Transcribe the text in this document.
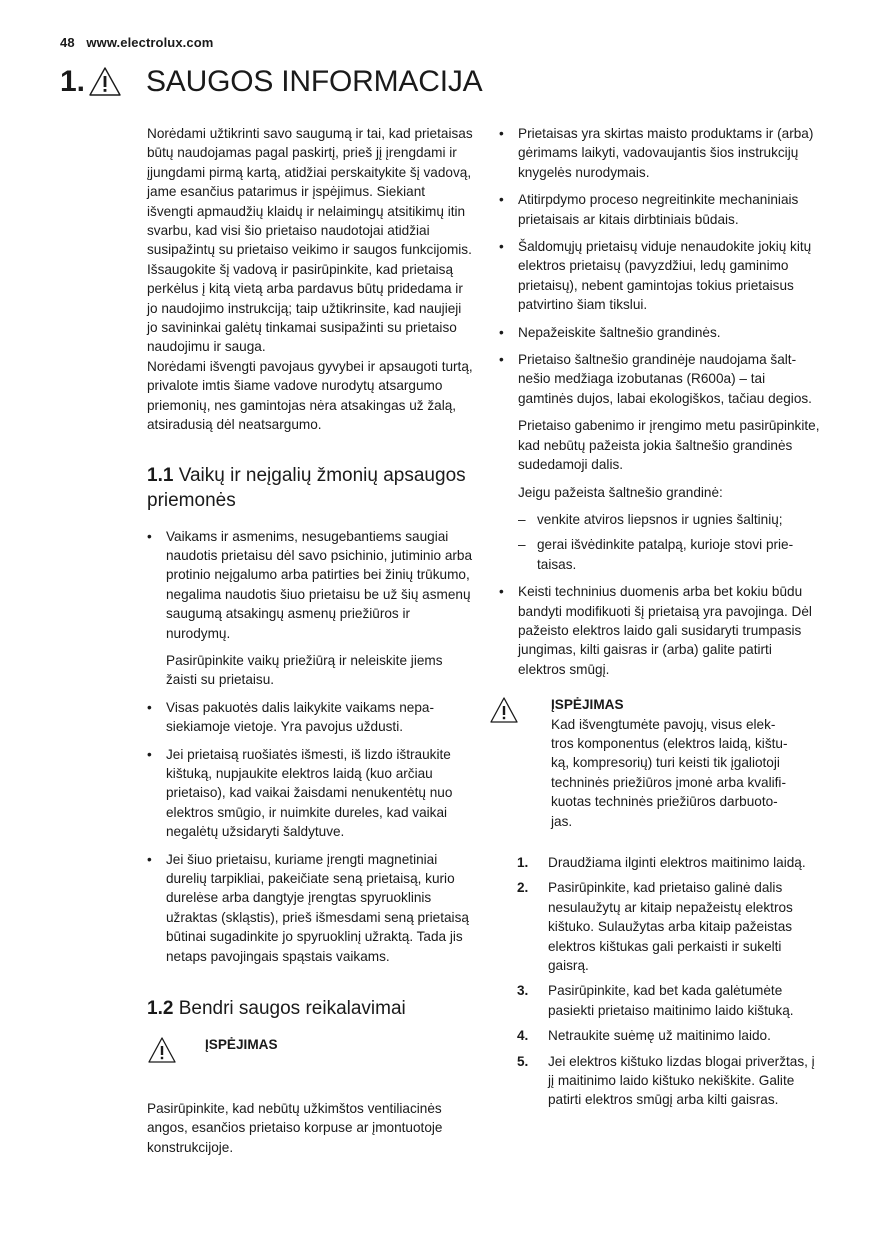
48 www.electrolux.com
1. SAUGOS INFORMACIJA

Norėdami užtikrinti savo saugumą ir tai, kad prietaisas būtų naudojamas pagal paskirtį, prieš jį įrengdami ir įjungdami pirmą kartą, atidžiai perskaitykite šį vadovą, jame esančius patarimus ir įspėjimus. Siekiant išvengti apmaudžių klaidų ir nelaimingų atsitikimų itin svarbu, kad visi šio prietaiso naudotojai atidžiai susipažintų su prietaiso veikimo ir saugos funkcijomis. Išsaugokite šį vadovą ir pasirūpinkite, kad prietaisą perkėlus į kitą vietą arba pardavus būtų pridedama ir jo naudojimo instrukciją; taip užtikrinsite, kad naujieji jo savininkai galėtų tinkamai susipažinti su prietaiso naudojimu ir sauga.

Norėdami išvengti pavojaus gyvybei ir apsaugoti turtą, privalote imtis šiame vadove nurodytų atsargumo priemonių, nes gamintojas nėra atsakingas už žalą, atsiradusią dėl neatsargumo.

1.1 Vaikų ir neįgalių žmonių apsaugos priemonės
• Vaikams ir asmenims, nesugebantiems saugiai naudotis prietaisu dėl savo psichinio, jutiminio arba protinio neįgalumo arba patirties bei žinių trūkumo, negalima naudotis šiuo prietaisu be už šių asmenų saugumą atsakingų asmenų priežiūros ir nurodymų.

Pasirūpinkite vaikų priežiūrą ir neleiskite jiems žaisti su prietaisu.

• Visas pakuotės dalis laikykite vaikams nepasiekiamoje vietoje. Yra pavojus uždusti.
• Jei prietaisą ruošiatės išmesti, iš lizdo ištraukite kištuką, nupjaukite elektros laidą (kuo arčiau prietaiso), kad vaikai žaisdami nenukentėtų nuo elektros smūgio, ir nuimkite dureles, kad vaikai negalėtų užsidaryti šaldytuve.
• Jei šiuo prietaisu, kuriame įrengti magnetiniai durelių tarpikliai, pakeičiate seną prietaisą, kurio durelėse arba dangtyje įrengtas spyruoklinis užraktas (skląstis), prieš išmesdami seną prietaisą būtinai sugadinkite jo spyruoklinį užraktą. Tada jis netaps pavojingais spąstais vaikams.
1.2 Bendri saugos reikalavimai
ĮSPĖJIMAS

Pasirūpinkite, kad nebūtų užkimštos ventiliacinės angos, esančios prietaiso korpuse ar įmontuotoje konstrukcijoje.

• Prietaisas yra skirtas maisto produktams ir (arba) gėrimams laikyti, vadovaujantis šios instrukcijų knygelės nurodymais.
• Atitirpdymo proceso negreitinkite mechaniniais prietaisais ar kitais dirbtiniais būdais.
• Šaldomųjų prietaisų viduje nenaudokite jokių kitų elektros prietaisų (pavyzdžiui, ledų gaminimo prietaisų), nebent gamintojas tokius prietaisus patvirtino šiam tikslui.
• Nepažeiskite šaltnešio grandinės.
• Prietaiso šaltnešio grandinėje naudojama šaltnešio medžiaga izobutanas (R600a) – tai gamtinės dujos, labai ekologiškos, tačiau degios.

Prietaiso gabenimo ir įrengimo metu pasirūpinkite, kad nebūtų pažeista jokia šaltnešio grandinės sudedamoji dalis.

Jeigu pažeista šaltnešio grandinė:

– venkite atviros liepsnos ir ugnies šaltinių;
– gerai išvėdinkite patalpą, kurioje stovi prietaisas.
• Keisti techninius duomenis arba bet kokiu būdu bandyti modifikuoti šį prietaisą yra pavojinga. Dėl pažeisto elektros laido gali susidaryti trumpasis jungimas, kilti gaisras ir (arba) galite patirti elektros smūgį.
ĮSPĖJIMAS
Kad išvengtumėte pavojų, visus elektros komponentus (elektros laidą, kištuką, kompresorių) turi keisti tik įgaliotoji techninės priežiūros įmonė arba kvalifikuotas techninės priežiūros darbuotojas.
1. Draudžiama ilginti elektros maitinimo laidą.
2. Pasirūpinkite, kad prietaiso galinė dalis nesulaužytų ar kitaip nepažeistų elektros kištuko. Sulaužytas arba kitaip pažeistas elektros kištukas gali perkaisti ir sukelti gaisrą.
3. Pasirūpinkite, kad bet kada galėtumėte pasiekti prietaiso maitinimo laido kištuką.
4. Netraukite suėmę už maitinimo laido.
5. Jei elektros kištuko lizdas blogai priveržtas, į jį maitinimo laido kištuko nekiškite. Galite patirti elektros smūgį arba kilti gaisras.
